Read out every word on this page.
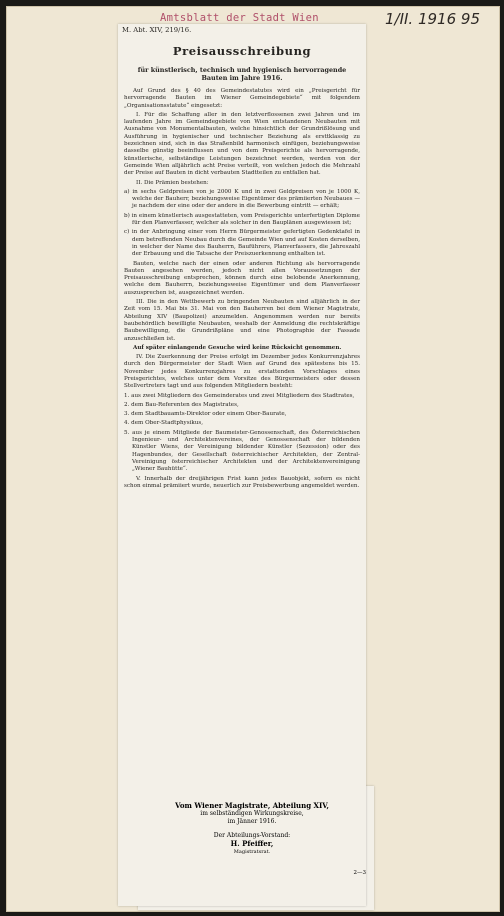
Amtsblatt der Stadt Wien	1/II. 1916 95
M. Abt. XIV, 219/16.
Preisausschreibung
für künstlerisch, technisch und hygienisch hervorragende Bauten im Jahre 1916.

Auf Grund des § 40 des Gemeindestatutes wird ein „Preisgericht für hervorragende Bauten im Wiener Gemeindegebiete“ mit folgendem „Organisationsstatute“ eingesetzt:

I. Für die Schaffung aller in den letztverflossenen zwei Jahren und im laufenden Jahre im Gemeindegebiete von Wien entstandenen Neubauten mit Ausnahme von Monumentalbauten, welche hinsichtlich der Grundrißlösung und Ausführung in hygienischer und technischer Beziehung als ersttklassig zu bezeichnen sind, sich in das Straßenbild harmonisch einfügen, beziehungsweise dasselbe günstig beeinflussen und von dem Preisgerichte als hervorragende, künstlerische, selbständige Leistungen bezeichnet werden, werden von der Gemeinde Wien alljährlich acht Preise verteilt, von welchen jedoch die Mehrzahl der Preise auf Bauten in dicht verbauten Stadtteilen zu entfallen hat.

II. Die Prämien bestehen:

a) in sechs Geldpreisen von je 2000 K und in zwei Geldpreisen von je 1000 K, welche der Bauherr, beziehungsweise Eigentümer des prämiierten Neubaues — je nachdem der eine oder der andere in die Bewerbung eintritt — erhält;

b) in einem künstlerisch ausgestatteten, vom Preisgerichte unterfertigten Diplome für den Planverfasser, welcher als solcher in den Bauplänen ausgewiesen ist;

c) in der Anbringung einer vom Herrn Bürgermeister gefertigten Gedenktafel in dem betreffenden Neubau durch die Gemeinde Wien und auf Kosten derselben, in welcher der Name des Bauherrn, Bauführers, Planverfassers, die Jahreszahl der Erbauung und die Tatsache der Preiszuerkennung enthalten ist.

Bauten, welche nach der einen oder anderen Richtung als hervorragende Bauten angesehen werden, jedoch nicht allen Voraussetzungen der Preisausschreibung entsprechen, können durch eine belobende Anerkennung, welche dem Bauherrn, beziehungsweise Eigentümer und dem Planverfasser auszusprechen ist, ausgezeichnet werden.

III. Die in den Wettbewerb zu bringenden Neubauten sind alljährlich in der Zeit vom 15. Mai bis 31. Mai von den Bauherren bei dem Wiener Magistrate, Abteilung XIV (Baupolizei) anzumelden. Angenommen werden nur bereits baubehördlich bewilligte Neubauten, weshalb der Anmeldung die rechtskräftige Baubewilligung, die Grundrißpläne und eine Photographie der Fassade anzuschließen ist.

Auf später einlangende Gesuche wird keine Rücksicht genommen.

IV. Die Zuerkennung der Preise erfolgt im Dezember jedes Konkurrenzjahres durch den Bürgermeister der Stadt Wien auf Grund des spätestens bis 15. November jedes Konkurrenzjahres zu erstattenden Vorschlages eines Preisgerichtes, welches unter dem Vorsitze des Bürgermeisters oder dessen Stellvertreters tagt und aus folgenden Mitgliedern besteht:

1. aus zwei Mitgliedern des Gemeinderates und zwei Mitgliedern des Stadtrates,

2. dem Bau-Referenten des Magistrates,

3. dem Stadtbauamts-Direktor oder einem Ober-Baurate,

4. dem Ober-Stadtphysikus,

5. aus je einem Mitgliede der Baumeister-Genossenschaft, des Österreichischen Ingenieur- und Architektenvereines, der Genossenschaft der bildenden Künstler Wiens, der Vereinigung bildender Künstler (Sezession) oder des Hagenbundes, der Gesellschaft österreichischer Architekten, der Zentral-Vereinigung österreichischer Architekten und der Architektenvereinigung „Wiener Bauhütte“.

V. Innerhalb der dreijährigen Frist kann jedes Bauobjekt, sofern es nicht schon einmal prämiiert wurde, neuerlich zur Preisbewerbung angemeldet werden.

Vom Wiener Magistrate, Abteilung XIV,
im selbständigen Wirkungskreise,
im Jänner 1916.
Der Abteilungs-Vorstand:
H. Pfeiffer,
Magistratsrat.
2—3
